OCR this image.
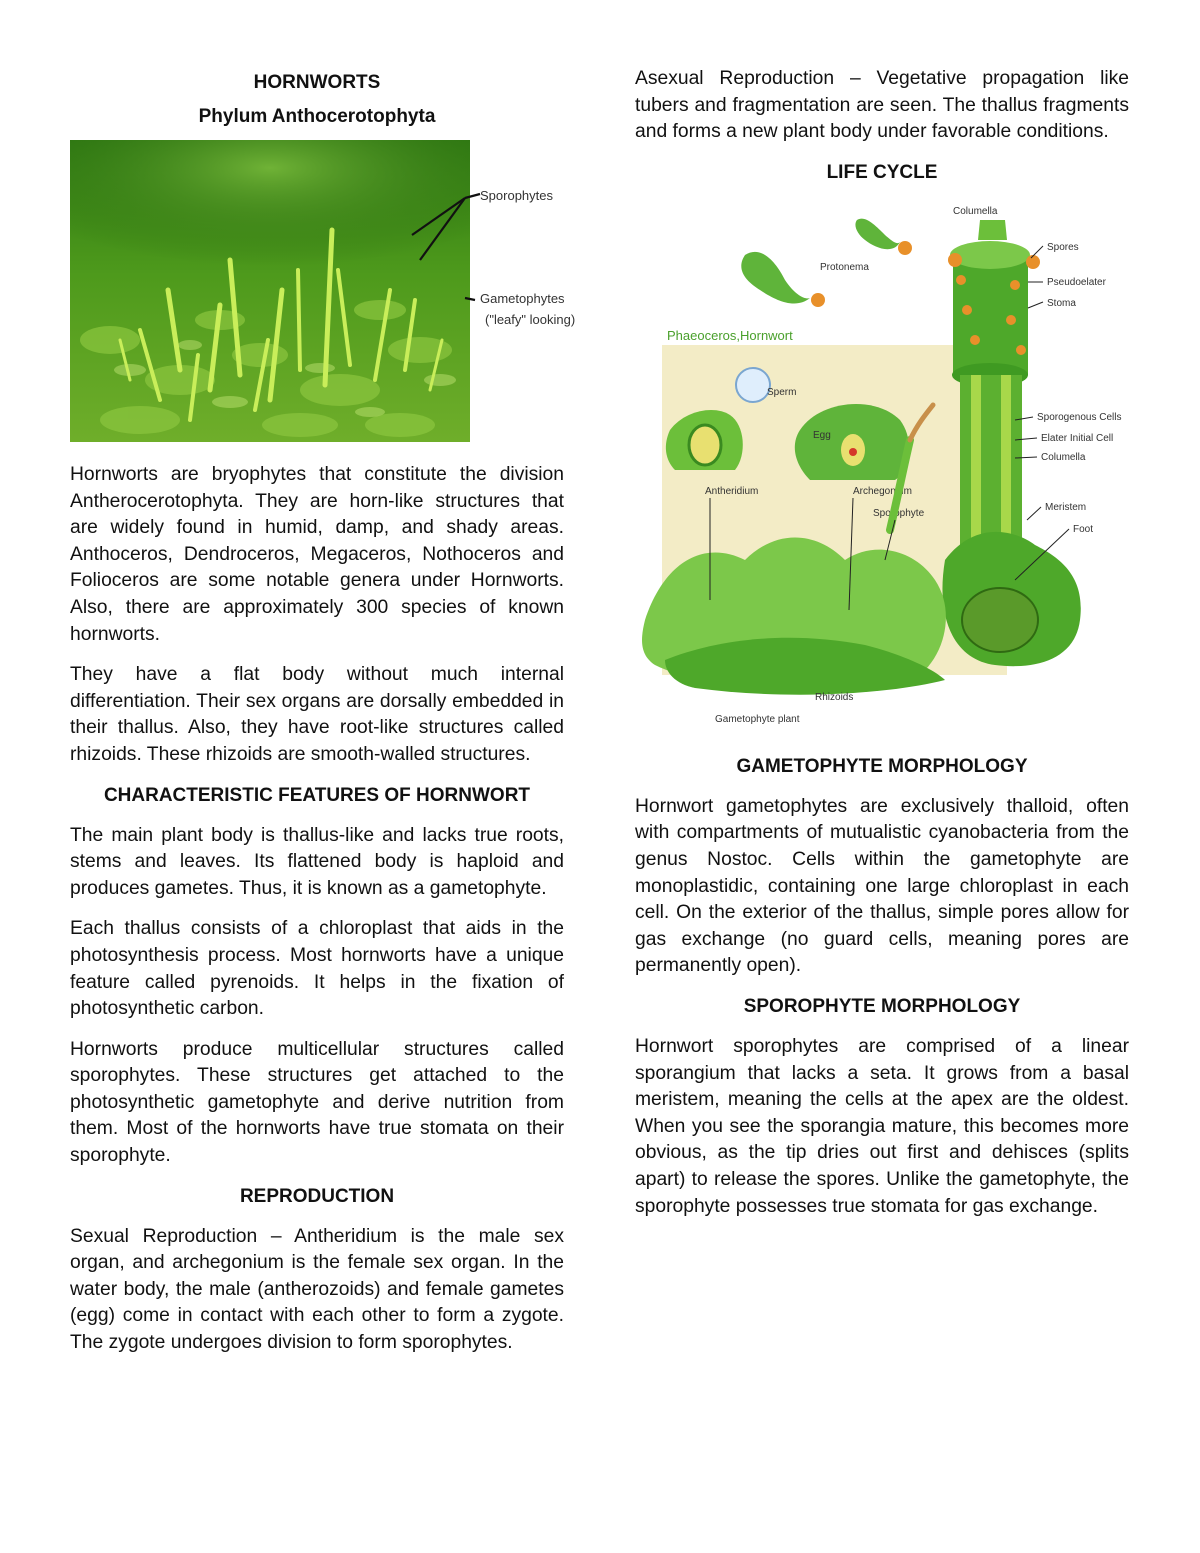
HORNWORTS
Phylum Anthocerotophyta
Sporophytes
Gametophytes
("leafy" looking)

Hornworts are bryophytes that constitute the division Antherocerotophyta. They are horn-like structures that are widely found in humid, damp, and shady areas. Anthoceros, Dendroceros, Megaceros, Nothoceros and Folioceros are some notable genera under Hornworts. Also, there are approximately 300 species of known hornworts.

They have a flat body without much internal differentiation. Their sex organs are dorsally embedded in their thallus. Also, they have root-like structures called rhizoids. These rhizoids are smooth-walled structures.

CHARACTERISTIC FEATURES OF HORNWORT

The main plant body is thallus-like and lacks true roots, stems and leaves. Its flattened body is haploid and produces gametes. Thus, it is known as a gametophyte.

Each thallus consists of a chloroplast that aids in the photosynthesis process. Most hornworts have a unique feature called pyrenoids. It helps in the fixation of photosynthetic carbon.

Hornworts produce multicellular structures called sporophytes. These structures get attached to the photosynthetic gametophyte and derive nutrition from them. Most of the hornworts have true stomata on their sporophyte.

REPRODUCTION

Sexual Reproduction – Antheridium is the male sex organ, and archegonium is the female sex organ. In the water body, the male (antherozoids) and female gametes (egg) come in contact with each other to form a zygote. The zygote undergoes division to form sporophytes.

Asexual Reproduction – Vegetative propagation like tubers and fragmentation are seen. The thallus fragments and forms a new plant body under favorable conditions.

LIFE CYCLE
Phaeoceros,Hornwort
Protonema
Columella
Spores
Pseudoelater
Stoma
Sporogenous Cells
Elater Initial Cell
Columella
Meristem
Foot
Sperm
Egg
Antheridium	Archegonium
Sporophyte
Rhizoids
Gametophyte plant
GAMETOPHYTE MORPHOLOGY

Hornwort gametophytes are exclusively thalloid, often with compartments of mutualistic cyanobacteria from the genus Nostoc. Cells within the gametophyte are monoplastidic, containing one large chloroplast in each cell. On the exterior of the thallus, simple pores allow for gas exchange (no guard cells, meaning pores are permanently open).

SPOROPHYTE MORPHOLOGY

Hornwort sporophytes are comprised of a linear sporangium that lacks a seta. It grows from a basal meristem, meaning the cells at the apex are the oldest. When you see the sporangia mature, this becomes more obvious, as the tip dries out first and dehisces (splits apart) to release the spores. Unlike the gametophyte, the sporophyte possesses true stomata for gas exchange.
